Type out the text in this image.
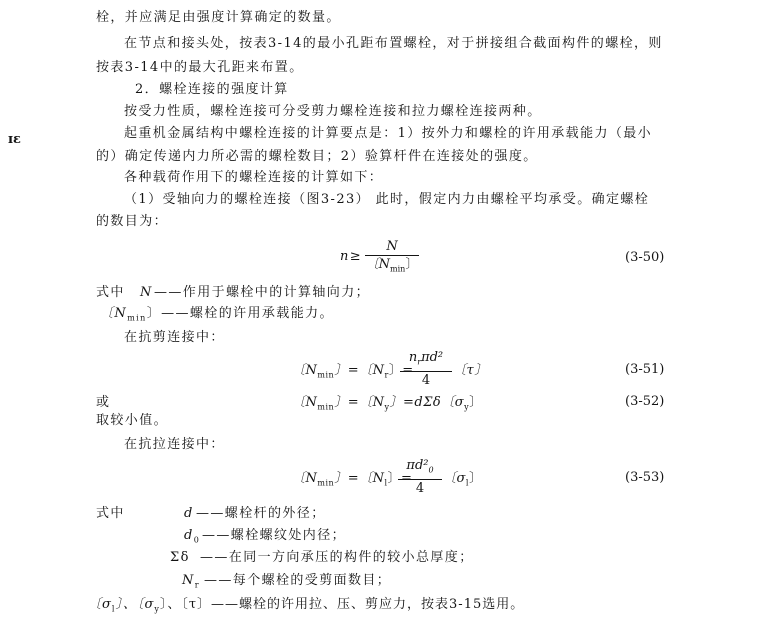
栓，并应满足由强度计算确定的数量。
在节点和接头处，按表3-14的最小孔距布置螺栓，对于拼接组合截面构件的螺栓，则
按表3-14中的最大孔距来布置。
2．螺栓连接的强度计算
按受力性质，螺栓连接可分受剪力螺栓连接和拉力螺栓连接两种。
起重机金属结构中螺栓连接的计算要点是：1）按外力和螺栓的许用承载能力（最小
的）确定传递内力所必需的螺栓数目；2）验算杆件在连接处的强度。
各种载荷作用下的螺栓连接的计算如下：
（1）受轴向力的螺栓连接（图3-23） 此时，假定内力由螺栓平均承受。确定螺栓
的数目为：
ɪɛ
n≥
N
〔$N_{min}$〕	(3-50)
式中 N ——作用于螺栓中的计算轴向力；
〔$N_{min}$〕——螺栓的许用承载能力。
在抗剪连接中：
〔$N_{min}$〕=〔$N_r$〕=
$n_r\pi d^2$
4
〔τ〕	(3-51)
或	〔$N_{min}$〕=〔$N_y$〕=dΣδ〔$\sigma_y$〕	(3-52)
取较小值。
在抗拉连接中：
〔$N_{min}$〕=〔$N_l$〕=
$\pi d^2_0$
4
〔$\sigma_l$〕	(3-53)
式中	d ——螺栓杆的外径；
$d_0$ ——螺栓螺纹处内径；
Σδ ——在同一方向承压的构件的较小总厚度；
$N_r$ ——每个螺栓的受剪面数目；
〔$\sigma_l$〕、〔$\sigma_y$〕、〔τ〕——螺栓的许用拉、压、剪应力，按表3-15选用。
